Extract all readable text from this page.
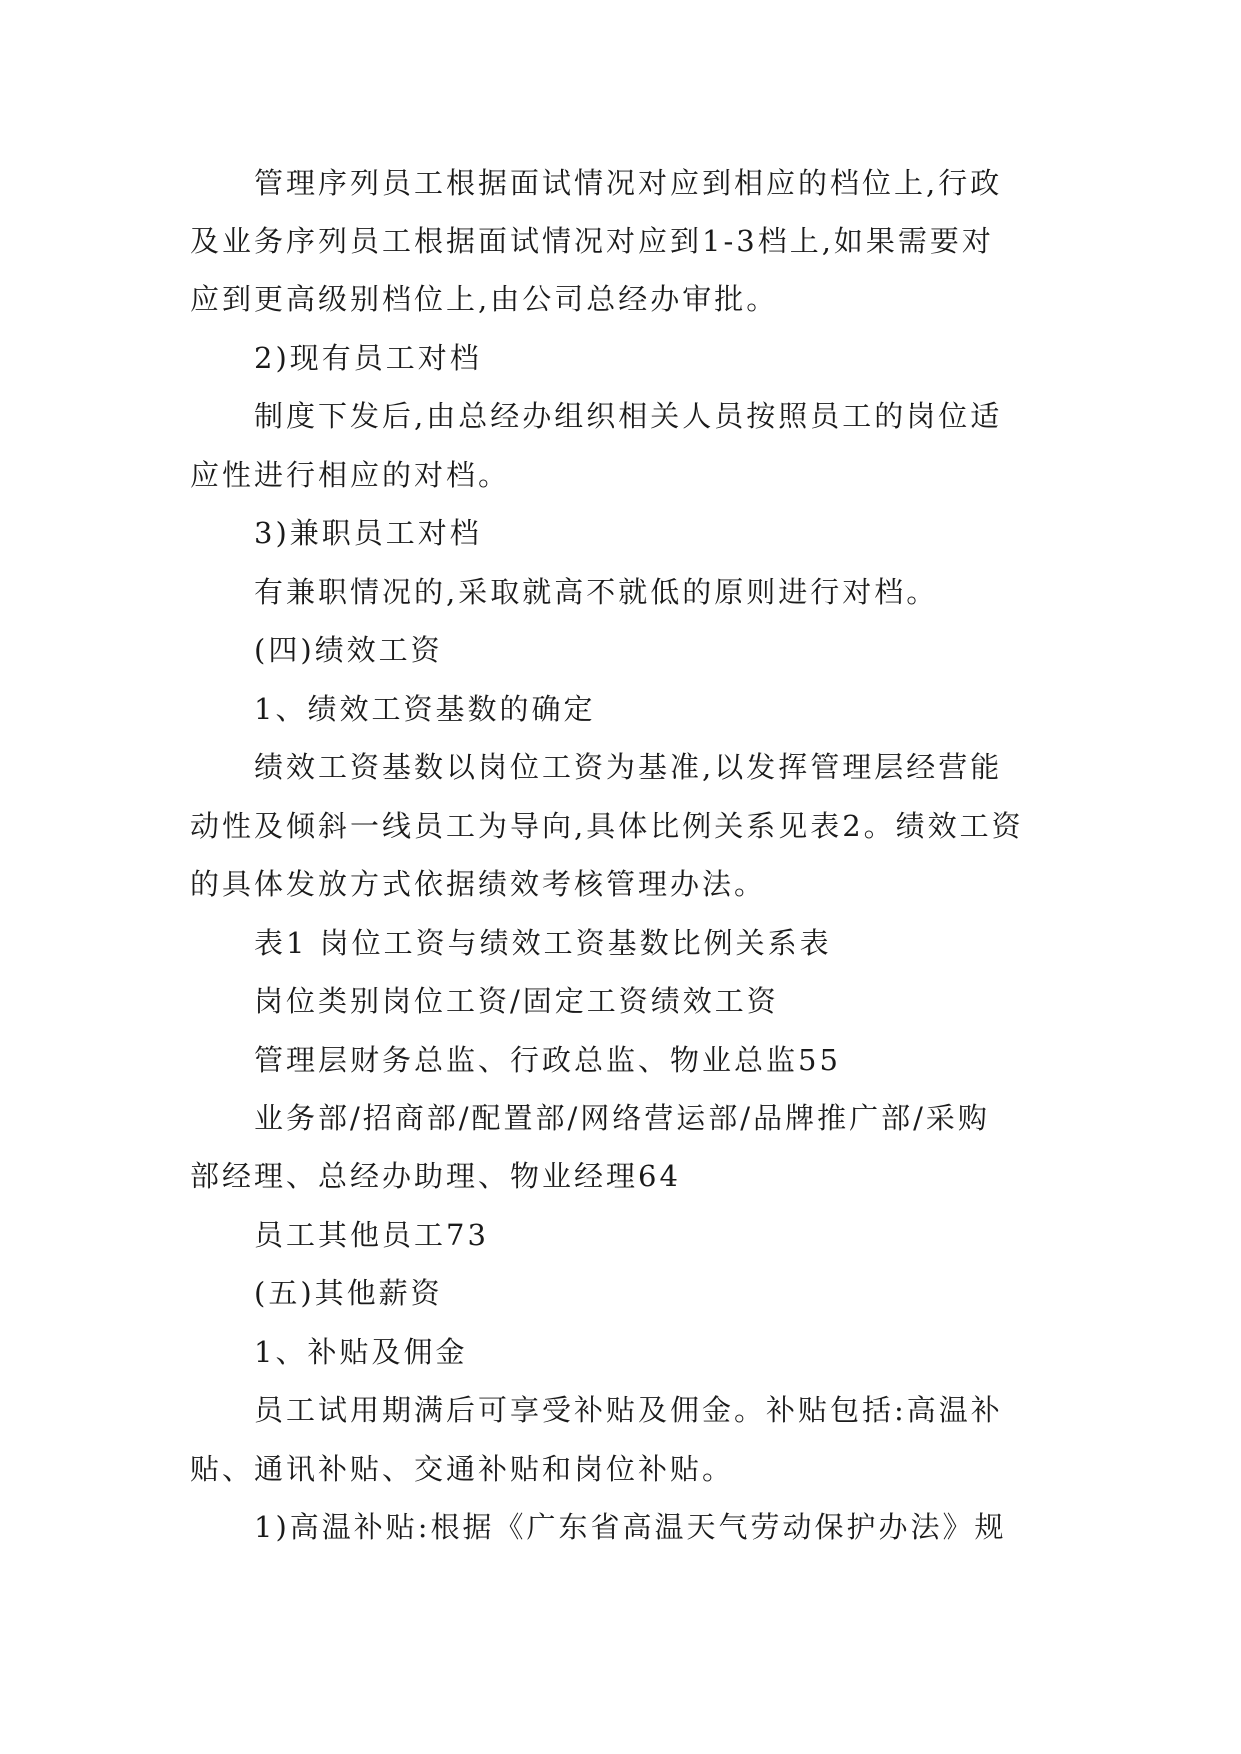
　　管理序列员工根据面试情况对应到相应的档位上,行政

及业务序列员工根据面试情况对应到1-3档上,如果需要对

应到更高级别档位上,由公司总经办审批。

　　2)现有员工对档

　　制度下发后,由总经办组织相关人员按照员工的岗位适

应性进行相应的对档。

　　3)兼职员工对档

　　有兼职情况的,采取就高不就低的原则进行对档。

　　(四)绩效工资

　　1、绩效工资基数的确定

　　绩效工资基数以岗位工资为基准,以发挥管理层经营能

动性及倾斜一线员工为导向,具体比例关系见表2。绩效工资

的具体发放方式依据绩效考核管理办法。

　　表1 岗位工资与绩效工资基数比例关系表

　　岗位类别岗位工资/固定工资绩效工资

　　管理层财务总监、行政总监、物业总监55

　　业务部/招商部/配置部/网络营运部/品牌推广部/采购

部经理、总经办助理、物业经理64

　　员工其他员工73

　　(五)其他薪资

　　1、补贴及佣金

　　员工试用期满后可享受补贴及佣金。补贴包括:高温补

贴、通讯补贴、交通补贴和岗位补贴。

　　1)高温补贴:根据《广东省高温天气劳动保护办法》规
